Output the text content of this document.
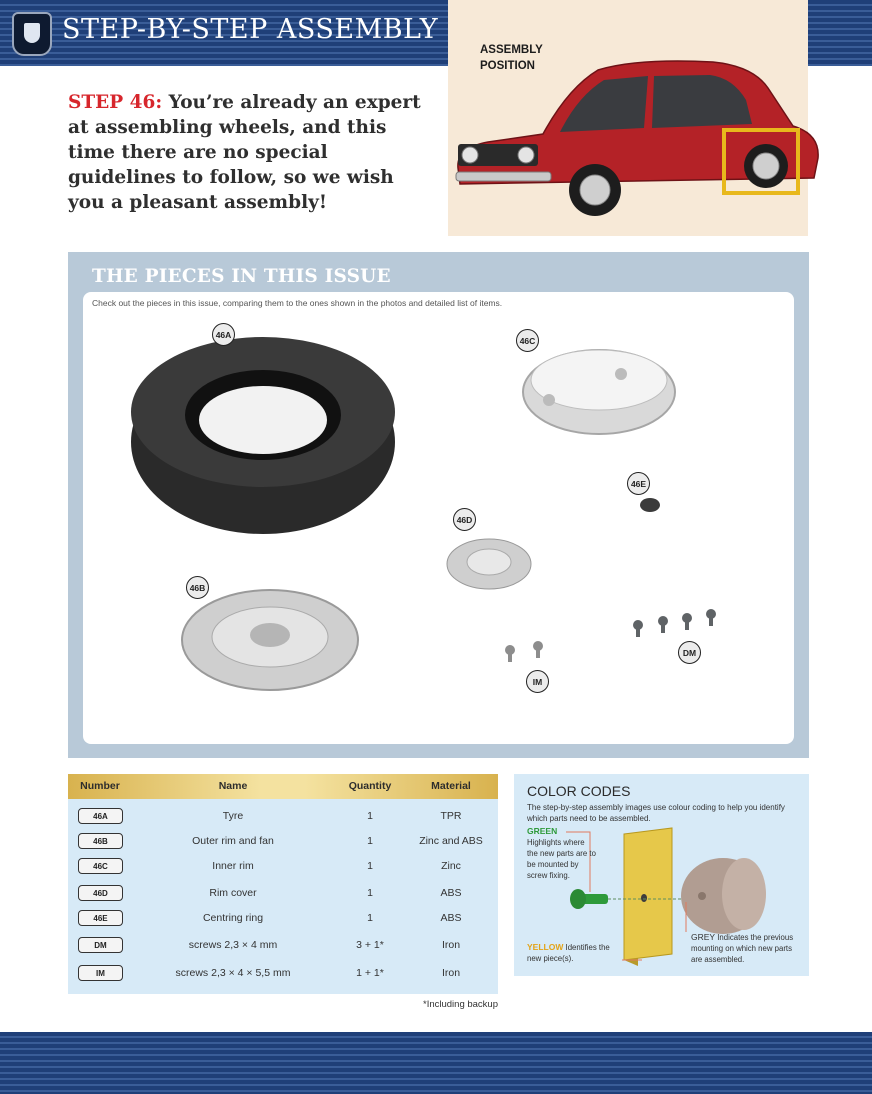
STEP-BY-STEP ASSEMBLY
ASSEMBLY POSITION
STEP 46: You’re already an expert at assembling wheels, and this time there are no special guidelines to follow, so we wish you a pleasant assembly!
THE PIECES IN THIS ISSUE
Check out the pieces in this issue, comparing them to the ones shown in the photos and detailed list of items.
46A
46B
46C
46D
46E
DM
IM
Number	Name	Quantity	Material
46A	Tyre	1	TPR
46B	Outer rim and fan	1	Zinc and ABS
46C	Inner rim	1	Zinc
46D	Rim cover	1	ABS
46E	Centring ring	1	ABS
DM	screws 2,3 × 4 mm	3 + 1*	Iron
IM	screws 2,3 × 4 × 5,5 mm	1 + 1*	Iron
*Including backup
COLOR CODES
The step-by-step assembly images use colour coding to help you identify which parts need to be assembled.
GREEN
Highlights where the new parts are to be mounted by screw fixing.
YELLOW Identifies the new piece(s).
GREY Indicates the previous mounting on which new parts are assembled.
